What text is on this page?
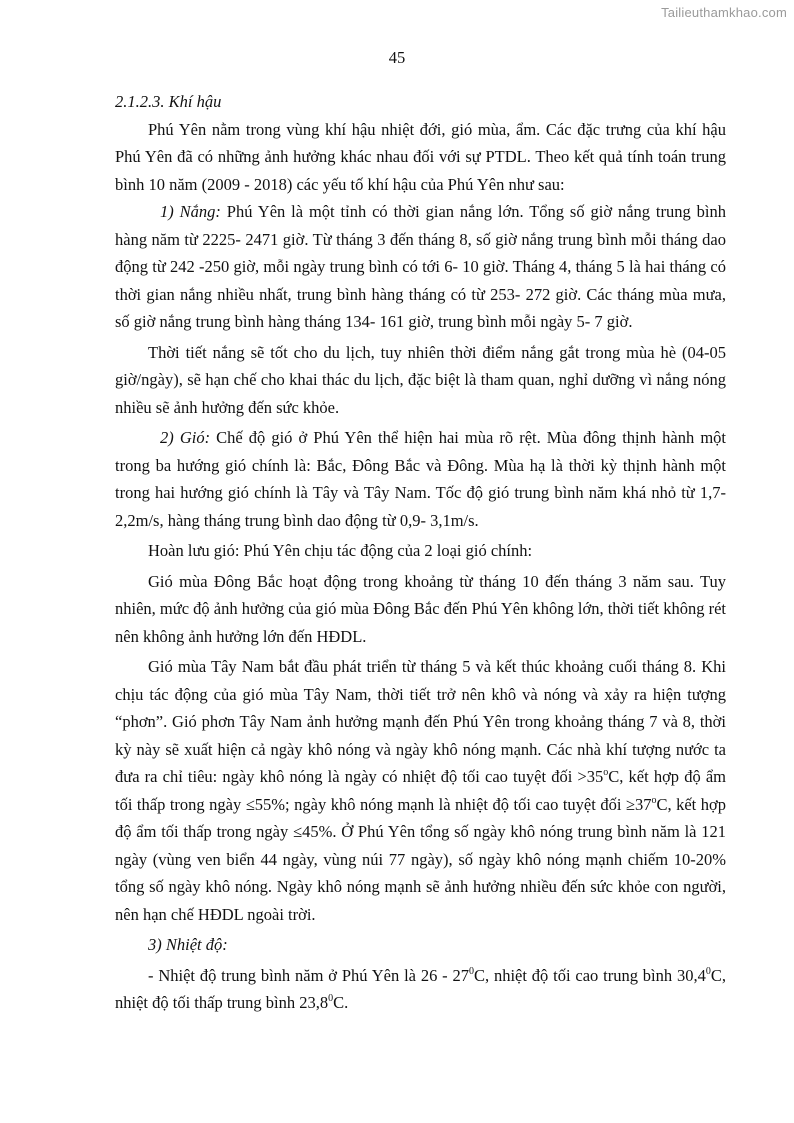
Tailieuthamkhao.com
45

2.1.2.3. Khí hậu

Phú Yên nằm trong vùng khí hậu nhiệt đới, gió mùa, ẩm. Các đặc trưng của khí hậu Phú Yên đã có những ảnh hưởng khác nhau đối với sự PTDL. Theo kết quả tính toán trung bình 10 năm (2009 - 2018) các yếu tố khí hậu của Phú Yên như sau:

1) Nắng: Phú Yên là một tỉnh có thời gian nắng lớn. Tổng số giờ nắng trung bình hàng năm từ 2225- 2471 giờ. Từ tháng 3 đến tháng 8, số giờ nắng trung bình mỗi tháng dao động từ 242 -250 giờ, mỗi ngày trung bình có tới 6- 10 giờ. Tháng 4, tháng 5 là hai tháng có thời gian nắng nhiều nhất, trung bình hàng tháng có từ 253- 272 giờ. Các tháng mùa mưa, số giờ nắng trung bình hàng tháng 134- 161 giờ, trung bình mỗi ngày 5- 7 giờ.

Thời tiết nắng sẽ tốt cho du lịch, tuy nhiên thời điểm nắng gắt trong mùa hè (04-05 giờ/ngày), sẽ hạn chế cho khai thác du lịch, đặc biệt là tham quan, nghỉ dưỡng vì nắng nóng nhiều sẽ ảnh hưởng đến sức khỏe.

2) Gió: Chế độ gió ở Phú Yên thể hiện hai mùa rõ rệt. Mùa đông thịnh hành một trong ba hướng gió chính là: Bắc, Đông Bắc và Đông. Mùa hạ là thời kỳ thịnh hành một trong hai hướng gió chính là Tây và Tây Nam. Tốc độ gió trung bình năm khá nhỏ từ 1,7- 2,2m/s, hàng tháng trung bình dao động từ 0,9- 3,1m/s.

Hoàn lưu gió: Phú Yên chịu tác động của 2 loại gió chính:

Gió mùa Đông Bắc hoạt động trong khoảng từ tháng 10 đến tháng 3 năm sau. Tuy nhiên, mức độ ảnh hưởng của gió mùa Đông Bắc đến Phú Yên không lớn, thời tiết không rét nên không ảnh hưởng lớn đến HĐDL.

Gió mùa Tây Nam bắt đầu phát triển từ tháng 5 và kết thúc khoảng cuối tháng 8. Khi chịu tác động của gió mùa Tây Nam, thời tiết trở nên khô và nóng và xảy ra hiện tượng “phơn”. Gió phơn Tây Nam ảnh hưởng mạnh đến Phú Yên trong khoảng tháng 7 và 8, thời kỳ này sẽ xuất hiện cả ngày khô nóng và ngày khô nóng mạnh. Các nhà khí tượng nước ta đưa ra chỉ tiêu: ngày khô nóng là ngày có nhiệt độ tối cao tuyệt đối $>35^oC$, kết hợp độ ẩm tối thấp trong ngày ≤55%; ngày khô nóng mạnh là nhiệt độ tối cao tuyệt đối $\ge 37^oC$, kết hợp độ ẩm tối thấp trong ngày ≤45%. Ở Phú Yên tổng số ngày khô nóng trung bình năm là 121 ngày (vùng ven biển 44 ngày, vùng núi 77 ngày), số ngày khô nóng mạnh chiếm 10-20% tổng số ngày khô nóng. Ngày khô nóng mạnh sẽ ảnh hưởng nhiều đến sức khỏe con người, nên hạn chế HĐDL ngoài trời.

3) Nhiệt độ:

- Nhiệt độ trung bình năm ở Phú Yên là $26 - 27^0C$, nhiệt độ tối cao trung bình 30,4$^0$C, nhiệt độ tối thấp trung bình 23,8$^0$C.
